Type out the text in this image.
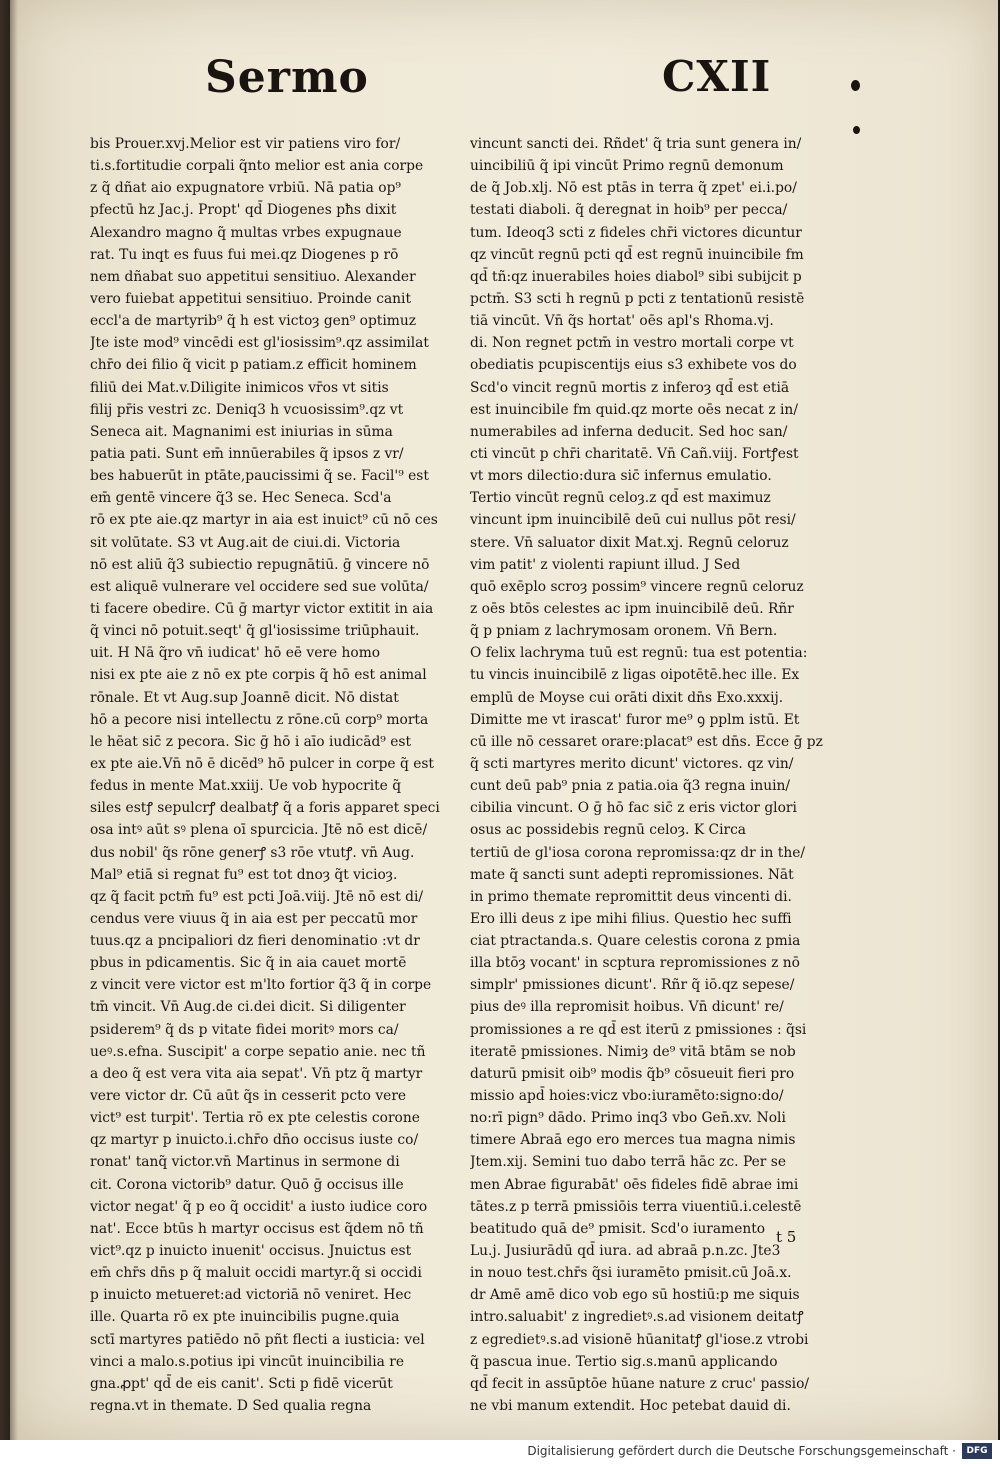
Sermo	CXII
bis Prouer.xvj.Melior est vir patiens viro for/
ti.s.fortitudie corpali q̃nto melior est ania corpe
z q̃ dñat aio expugnatore vrbiū. Nā patia op⁹
pfectū hz Jac.j. Propt' qd̄ Diogenes pħs dixit
Alexandro magno q̃ multas vrbes expugnaue
rat. Tu inqt es fuus fui mei.qz Diogenes p rō
nem dñabat suo appetitui sensitiuo. Alexander
vero fuiebat appetitui sensitiuo. Proinde canit
eccl'a de martyrib⁹ q̃ h est victoȝ gen⁹ optimuz
Jte iste mod⁹ vincēdi est gl'iosissim⁹.qz assimilat
chr̄o dei filio q̃ vicit p patiam.z efficit hominem
filiū dei Mat.v.Diligite inimicos vr̄os vt sitis
filij pr̄is vestri zc. Deniq3 h vcuosissim⁹.qz vt
Seneca ait. Magnanimi est iniurias in sūma
patia pati. Sunt em̄ innūerabiles q̃ ipsos z vr/
bes habuerūt in ptāte,paucissimi q̃ se. Facil'⁹ est
em̄ gentē vincere q̃3 se. Hec Seneca. Scd'a
rō ex pte aie.qz martyr in aia est inuict⁹ cū nō ces
sit volūtate. S3 vt Aug.ait de ciui.di. Victoria
nō est aliū q̃3 subiectio repugnātiū. ḡ vincere nō
est aliquē vulnerare vel occidere sed sue volūta/
ti facere obedire. Cū ḡ martyr victor extitit in aia
q̃ vinci nō potuit.seqt' q̃ gl'iosissime triūphauit.
uit. H Nā q̃ro vn̄ iudicat' hō eē vere homo
nisi ex pte aie z nō ex pte corpis q̃ hō est animal
rōnale. Et vt Aug.sup Joannē dicit. Nō distat
hō a pecore nisi intellectu z rōne.cū corp⁹ morta
le hēat sic̄ z pecora. Sic ḡ hō i aīo iudicād⁹ est
ex pte aie.Vn̄ nō ē dicēd⁹ hō pulcer in corpe q̃ est
fedus in mente Mat.xxiij. Ue vob hypocrite q̃
siles estꝭ sepulcrꝭ dealbatꝭ q̃ a foris apparet speci
osa intꝰ aūt sꝰ plena oī spurcicia. Jtē nō est dicē/
dus nobil' q̃s rōne generꝭ s3 rōe vtutꝭ. vn̄ Aug.
Mal⁹ etiā si regnat fu⁹ est tot dnoȝ q̃t vicioȝ.
qz q̃ facit pctm̄ fu⁹ est pcti Joā.viij. Jtē nō est di/
cendus vere viuus q̃ in aia est per peccatū mor
tuus.qz a pncipaliori dz fieri denominatio :vt dr
pbus in pdicamentis. Sic q̃ in aia cauet mortē
z vincit vere victor est m'lto fortior q̃3 q̃ in corpe
tm̄ vincit. Vn̄ Aug.de ci.dei dicit. Si diligenter
psiderem⁹ q̃ ds p vitate fidei moritꝰ mors ca/
ueꝰ.s.efna. Suscipit' a corpe sepatio anie. nec tñ
a deo q̃ est vera vita aia sepat'. Vn̄ ptz q̃ martyr
vere victor dr. Cū aūt q̃s in cesserit pcto vere
vict⁹ est turpit'. Tertia rō ex pte celestis corone
qz martyr p inuicto.i.chr̄o dn̄o occisus iuste co/
ronat' tanq̃ victor.vn̄ Martinus in sermone di
cit. Corona victorib⁹ datur. Quō ḡ occisus ille
victor negat' q̃ p eo q̃ occidit' a iusto iudice coro
nat'. Ecce btūs h martyr occisus est q̃dem nō tñ
vict⁹.qz p inuicto inuenit' occisus. Jnuictus est
em̄ chr̄s dn̄s p q̃ maluit occidi martyr.q̃ si occidi
p inuicto metueret:ad victoriā nō veniret. Hec
ille. Quarta rō ex pte inuincibilis pugne.quia
sctī martyres patiēdo nō pñt flecti a iusticia: vel
vinci a malo.s.potius ipi vincūt inuincibilia re
gna.ꝓpt' qd̄ de eis canit'. Scti p fidē vicerūt
regna.vt in themate. D Sed qualia regna
vincunt sancti dei. Rñdet' q̃ tria sunt genera in/
uincibiliū q̃ ipi vincūt Primo regnū demonum
de q̃ Job.xlj. Nō est ptās in terra q̃ zpet' ei.i.po/
testati diaboli. q̃ deregnat in hoib⁹ per pecca/
tum. Ideoq3 scti z fideles chr̄i victores dicuntur
qz vincūt regnū pcti qd̄ est regnū inuincibile fm
qd̄ tñ:qz inuerabiles hoies diabol⁹ sibi subijcit p
pctm̄. S3 scti h regnū p pcti z tentationū resistē
tiā vincūt. Vn̄ q̃s hortat' oēs apl's Rhoma.vj.
di. Non regnet pctm̄ in vestro mortali corpe vt
obediatis pcupiscentijs eius s3 exhibete vos do
Scd'o vincit regnū mortis z inferoȝ qd̄ est etiā
est inuincibile fm quid.qz morte oēs necat z in/
numerabiles ad inferna deducit. Sed hoc san/
cti vincūt p chr̄i charitatē. Vn̄ Cañ.viij. Fortꝭest
vt mors dilectio:dura sic̄ infernus emulatio.
Tertio vincūt regnū celoȝ.z qd̄ est maximuz
vincunt ipm inuincibilē deū cui nullus pōt resi/
stere. Vn̄ saluator dixit Mat.xj. Regnū celoruz
vim patit' z violenti rapiunt illud. J Sed
quō exēplo scroȝ possim⁹ vincere regnū celoruz
z oēs btōs celestes ac ipm inuincibilē deū. Rñr
q̃ p pniam z lachrymosam oronem. Vn̄ Bern.
O felix lachryma tuū est regnū: tua est potentia:
tu vincis inuincibilē z ligas oipotētē.hec ille. Ex
emplū de Moyse cui orāti dixit dn̄s Exo.xxxij.
Dimitte me vt irascat' furor me⁹ ꝯ pplm istū. Et
cū ille nō cessaret orare:placat⁹ est dn̄s. Ecce ḡ pz
q̃ scti martyres merito dicunt' victores. qz vin/
cunt deū pab⁹ pnia z patia.oia q̃3 regna inuin/
cibilia vincunt. O ḡ hō fac sic̄ z eris victor glori
osus ac possidebis regnū celoȝ. K Circa
tertiū de gl'iosa corona repromissa:qz dr in the/
mate q̃ sancti sunt adepti repromissiones. Nāt
in primo themate repromittit deus vincenti di.
Ero illi deus z ipe mihi filius. Questio hec suffi
ciat ptractanda.s. Quare celestis corona z pmia
illa btōȝ vocant' in scptura repromissiones z nō
simplr' pmissiones dicunt'. Rñr q̃ iō.qz sepese/
pius deꝰ illa repromisit hoibus. Vn̄ dicunt' re/
promissiones a re qd̄ est iterū z pmissiones : q̃si
iteratē pmissiones. Nimiȝ de⁹ vitā btām se nob
daturū pmisit oib⁹ modis q̃b⁹ cōsueuit fieri pro
missio apd̄ hoies:vicz vbo:iuramēto:signo:do/
no:rī pign⁹ dādo. Primo inq3 vbo Gen̄.xv. Noli
timere Abraā ego ero merces tua magna nimis
Jtem.xij. Semini tuo dabo terrā hāc zc. Per se
men Abrae figurabāt' oēs fideles fidē abrae imi
tātes.z p terrā pmissiōis terra viuentiū.i.celestē
beatitudo quā de⁹ pmisit. Scd'o iuramento
Lu.j. Jusiurādū qd̄ iura. ad abraā p.n.zc. Jte3
in nouo test.chr̄s q̃si iuramēto pmisit.cū Joā.x.
dr Amē amē dico vob ego sū hostiū:p me siquis
intro.saluabit' z ingredietꝰ.s.ad visionem deitatꝭ
z egredietꝰ.s.ad visionē hūanitatꝭ gl'iose.z vtrobi
q̃ pascua inue. Tertio sig.s.manū applicando
qd̄ fecit in assūptōe hūane nature z cruc' passio/
ne vbi manum extendit. Hoc petebat dauid di.
t 5
Digitalisierung gefördert durch die Deutsche Forschungsgemeinschaft ·	DFG
